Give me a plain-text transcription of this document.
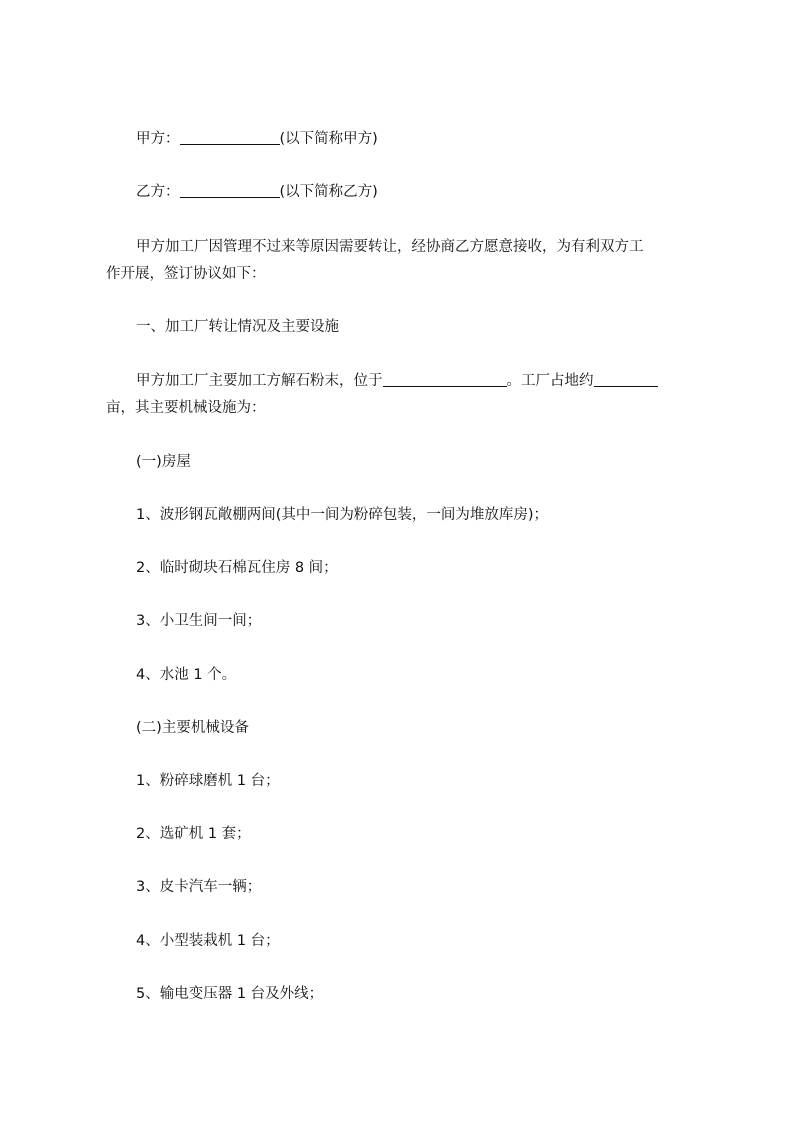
甲方：	(以下简称甲方)
乙方：	(以下简称乙方)
甲方加工厂因管理不过来等原因需要转让，经协商乙方愿意接收，为有利双方工
作开展，签订协议如下：
一、加工厂转让情况及主要设施
甲方加工厂主要加工方解石粉末，位于	。工厂占地约
亩，其主要机械设施为：
(一)房屋
1、波形钢瓦敞棚两间(其中一间为粉碎包装，一间为堆放库房)；
2、临时砌块石棉瓦住房 8 间；
3、小卫生间一间；
4、水池 1 个。
(二)主要机械设备
1、粉碎球磨机 1 台；
2、选矿机 1 套；
3、皮卡汽车一辆；
4、小型装栽机 1 台；
5、输电变压器 1 台及外线；
